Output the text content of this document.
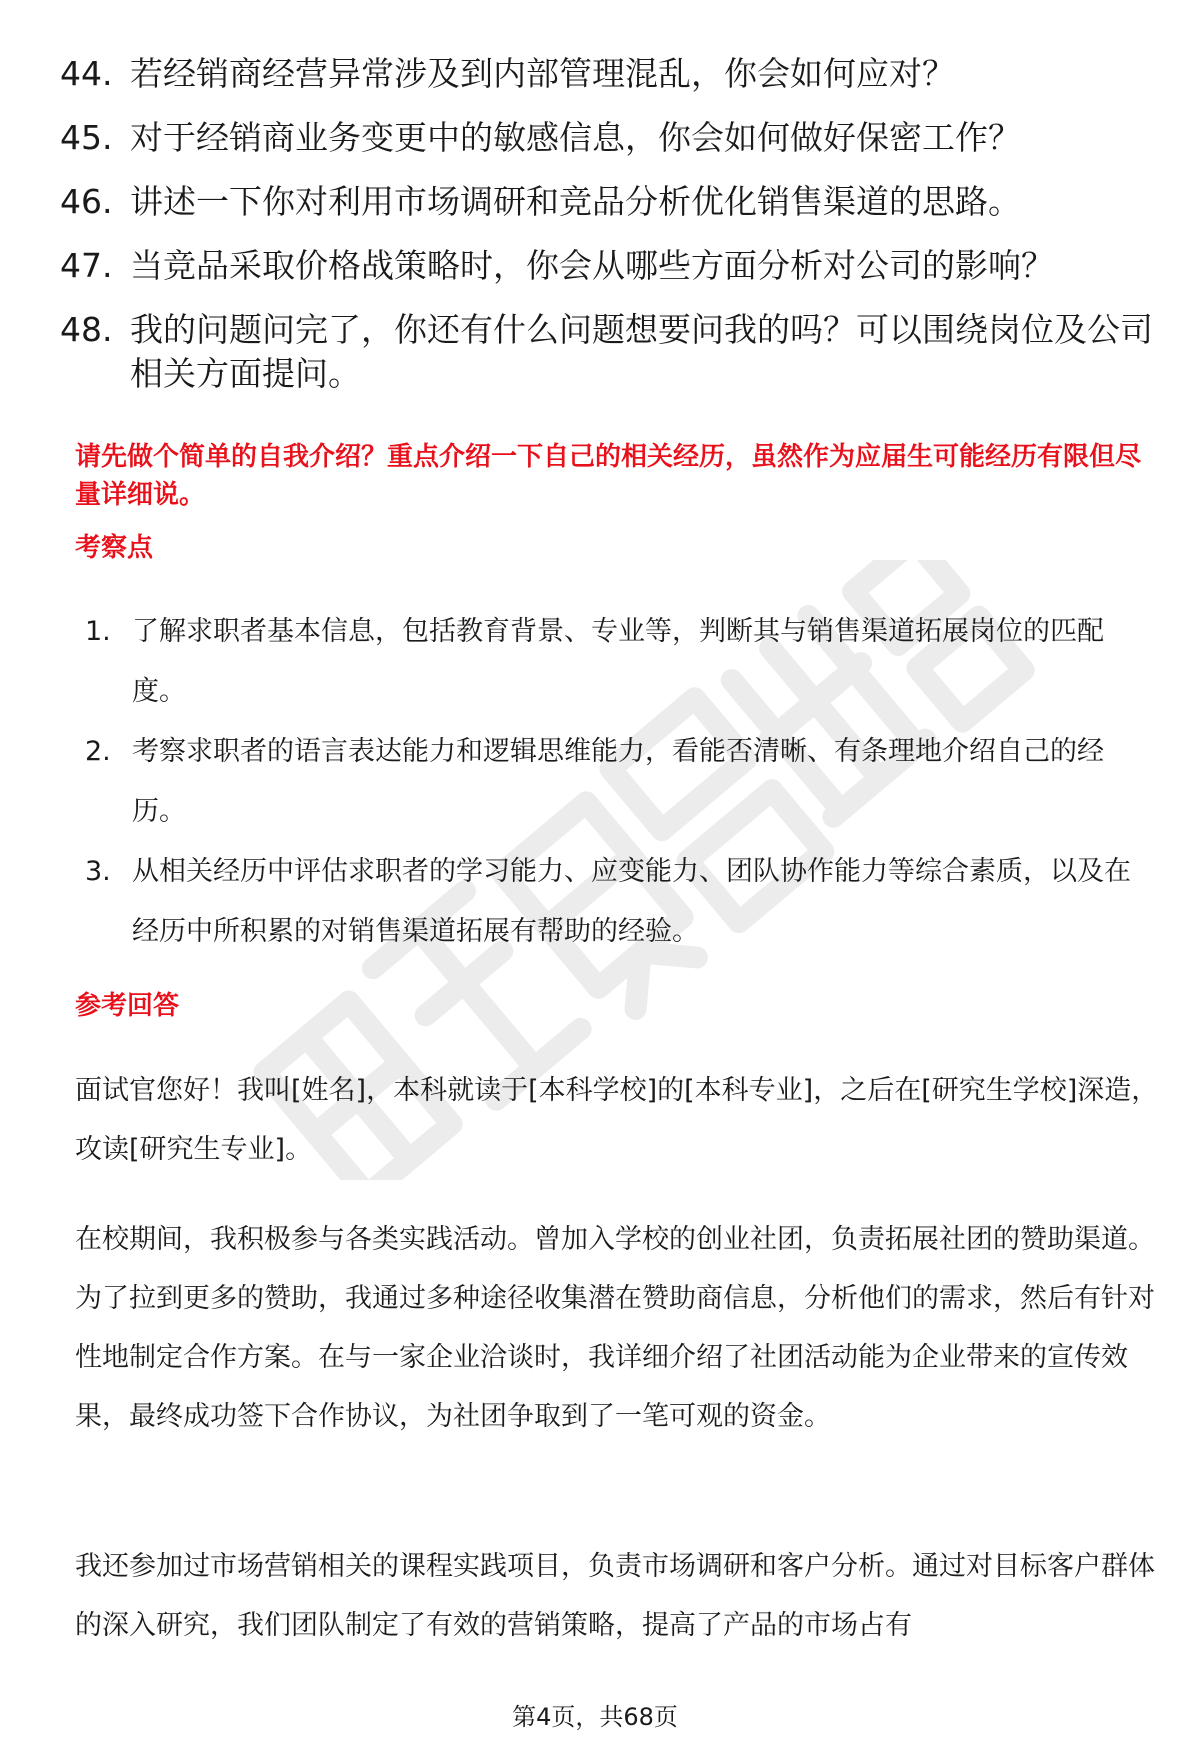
44. 若经销商经营异常涉及到内部管理混乱，你会如何应对？
45. 对于经销商业务变更中的敏感信息，你会如何做好保密工作？
46. 讲述一下你对利用市场调研和竞品分析优化销售渠道的思路。
47. 当竞品采取价格战策略时，你会从哪些方面分析对公司的影响？
48. 我的问题问完了，你还有什么问题想要问我的吗？可以围绕岗位及公司相关方面提问。
请先做个简单的自我介绍？重点介绍一下自己的相关经历，虽然作为应届生可能经历有限但尽量详细说。
考察点
1. 了解求职者基本信息，包括教育背景、专业等，判断其与销售渠道拓展岗位的匹配度。
2. 考察求职者的语言表达能力和逻辑思维能力，看能否清晰、有条理地介绍自己的经历。
3. 从相关经历中评估求职者的学习能力、应变能力、团队协作能力等综合素质，以及在经历中所积累的对销售渠道拓展有帮助的经验。
参考回答
面试官您好！我叫[姓名]，本科就读于[本科学校]的[本科专业]，之后在[研究生学校]深造，攻读[研究生专业]。
在校期间，我积极参与各类实践活动。曾加入学校的创业社团，负责拓展社团的赞助渠道。为了拉到更多的赞助，我通过多种途径收集潜在赞助商信息，分析他们的需求，然后有针对性地制定合作方案。在与一家企业洽谈时，我详细介绍了社团活动能为企业带来的宣传效果，最终成功签下合作协议，为社团争取到了一笔可观的资金。
我还参加过市场营销相关的课程实践项目，负责市场调研和客户分析。通过对目标客户群体的深入研究，我们团队制定了有效的营销策略，提高了产品的市场占有
第4页，共68页
